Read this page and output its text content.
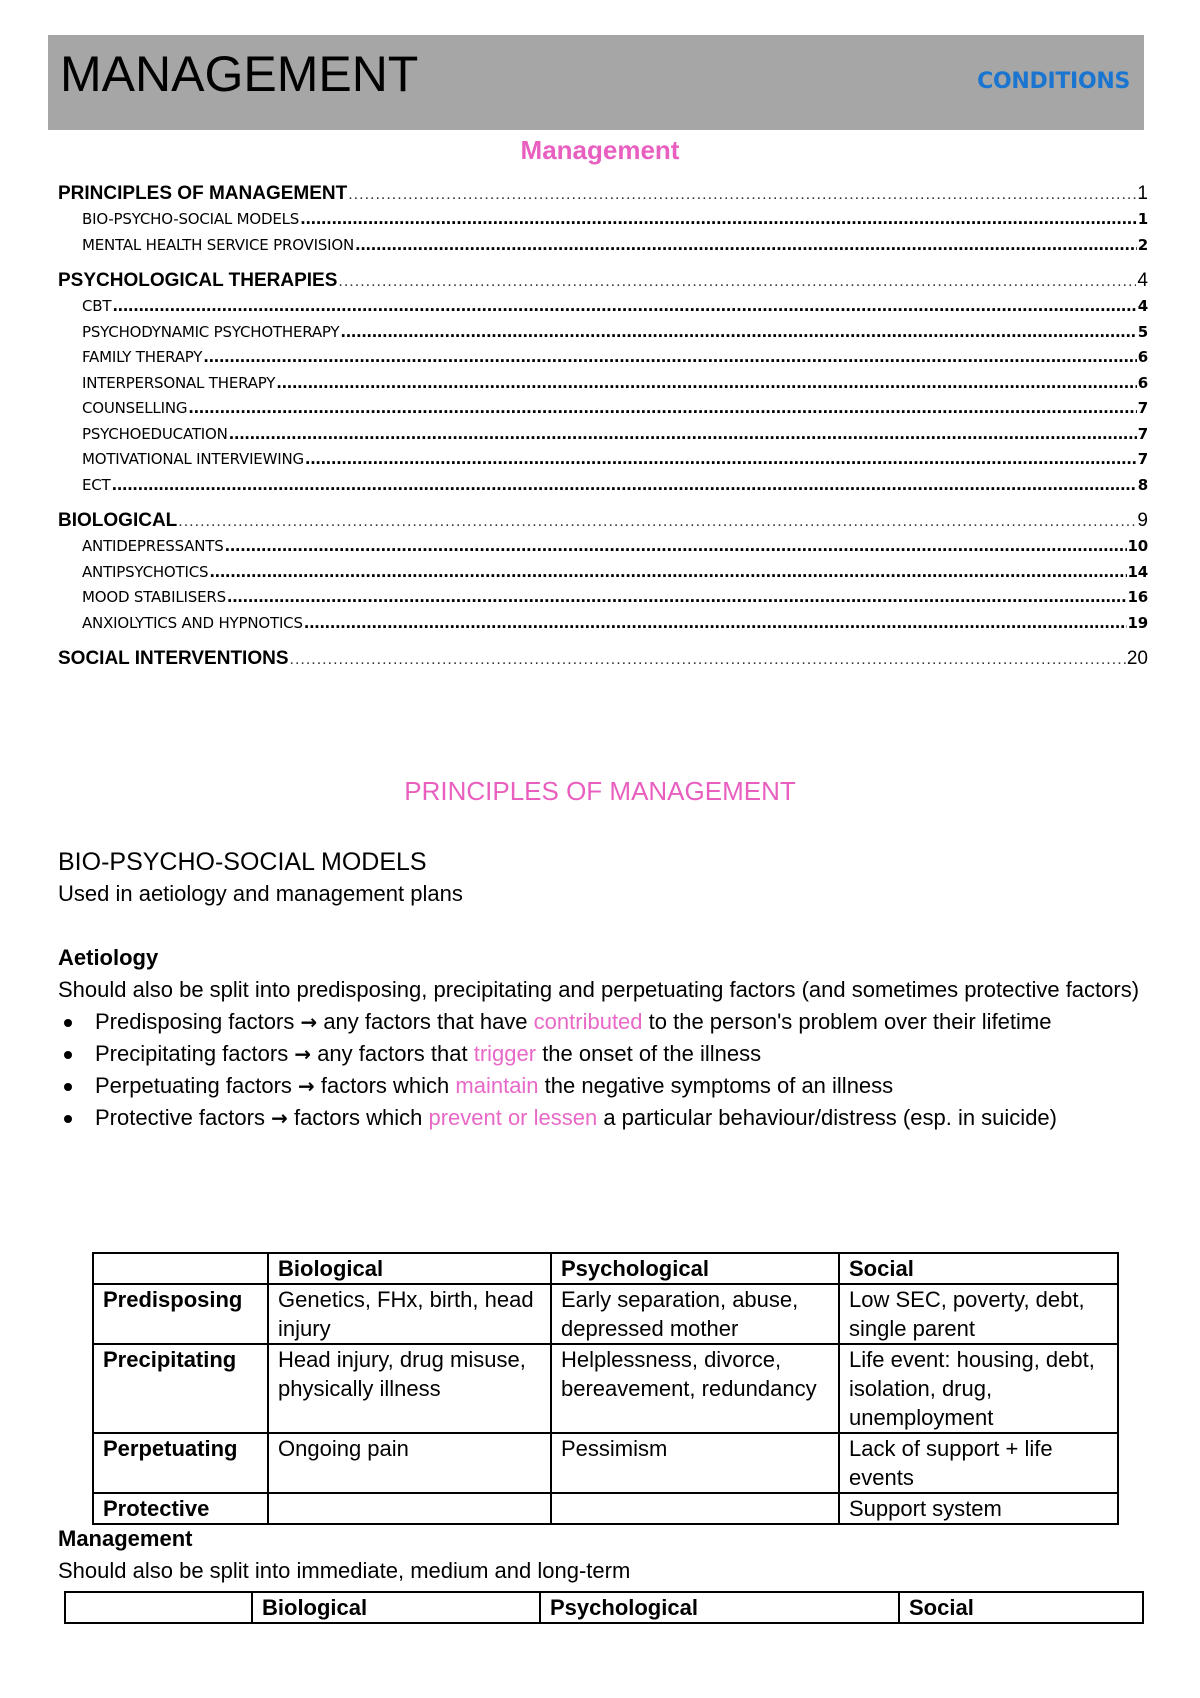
MANAGEMENT	CONDITIONS
Management
PRINCIPLES OF MANAGEMENT .....	1
BIO-PSYCHO-SOCIAL MODELS .....	1
MENTAL HEALTH SERVICE PROVISION .....	2
PSYCHOLOGICAL THERAPIES .....	4
CBT .....	4
PSYCHODYNAMIC PSYCHOTHERAPY .....	5
FAMILY THERAPY .....	6
INTERPERSONAL THERAPY .....	6
COUNSELLING .....	7
PSYCHOEDUCATION .....	7
MOTIVATIONAL INTERVIEWING .....	7
ECT .....	8
BIOLOGICAL .....	9
ANTIDEPRESSANTS .....	10
ANTIPSYCHOTICS .....	14
MOOD STABILISERS .....	16
ANXIOLYTICS AND HYPNOTICS .....	19
SOCIAL INTERVENTIONS .....	20
PRINCIPLES OF MANAGEMENT

BIO-PSYCHO-SOCIAL MODELS

Used in aetiology and management plans

Aetiology

Should also be split into predisposing, precipitating and perpetuating factors (and sometimes protective factors)

Predisposing factors → any factors that have contributed to the person's problem over their lifetime
Precipitating factors → any factors that trigger the onset of the illness
Perpetuating factors → factors which maintain the negative symptoms of an illness
Protective factors → factors which prevent or lessen a particular behaviour/distress (esp. in suicide)
	Biological	Psychological	Social
Predisposing	Genetics, FHx, birth, head injury	Early separation, abuse, depressed mother	Low SEC, poverty, debt, single parent
Precipitating	Head injury, drug misuse, physically illness	Helplessness, divorce, bereavement, redundancy	Life event: housing, debt, isolation, drug, unemployment
Perpetuating	Ongoing pain	Pessimism	Lack of support + life events
Protective			Support system

Management

Should also be split into immediate, medium and long-term

	Biological	Psychological	Social
